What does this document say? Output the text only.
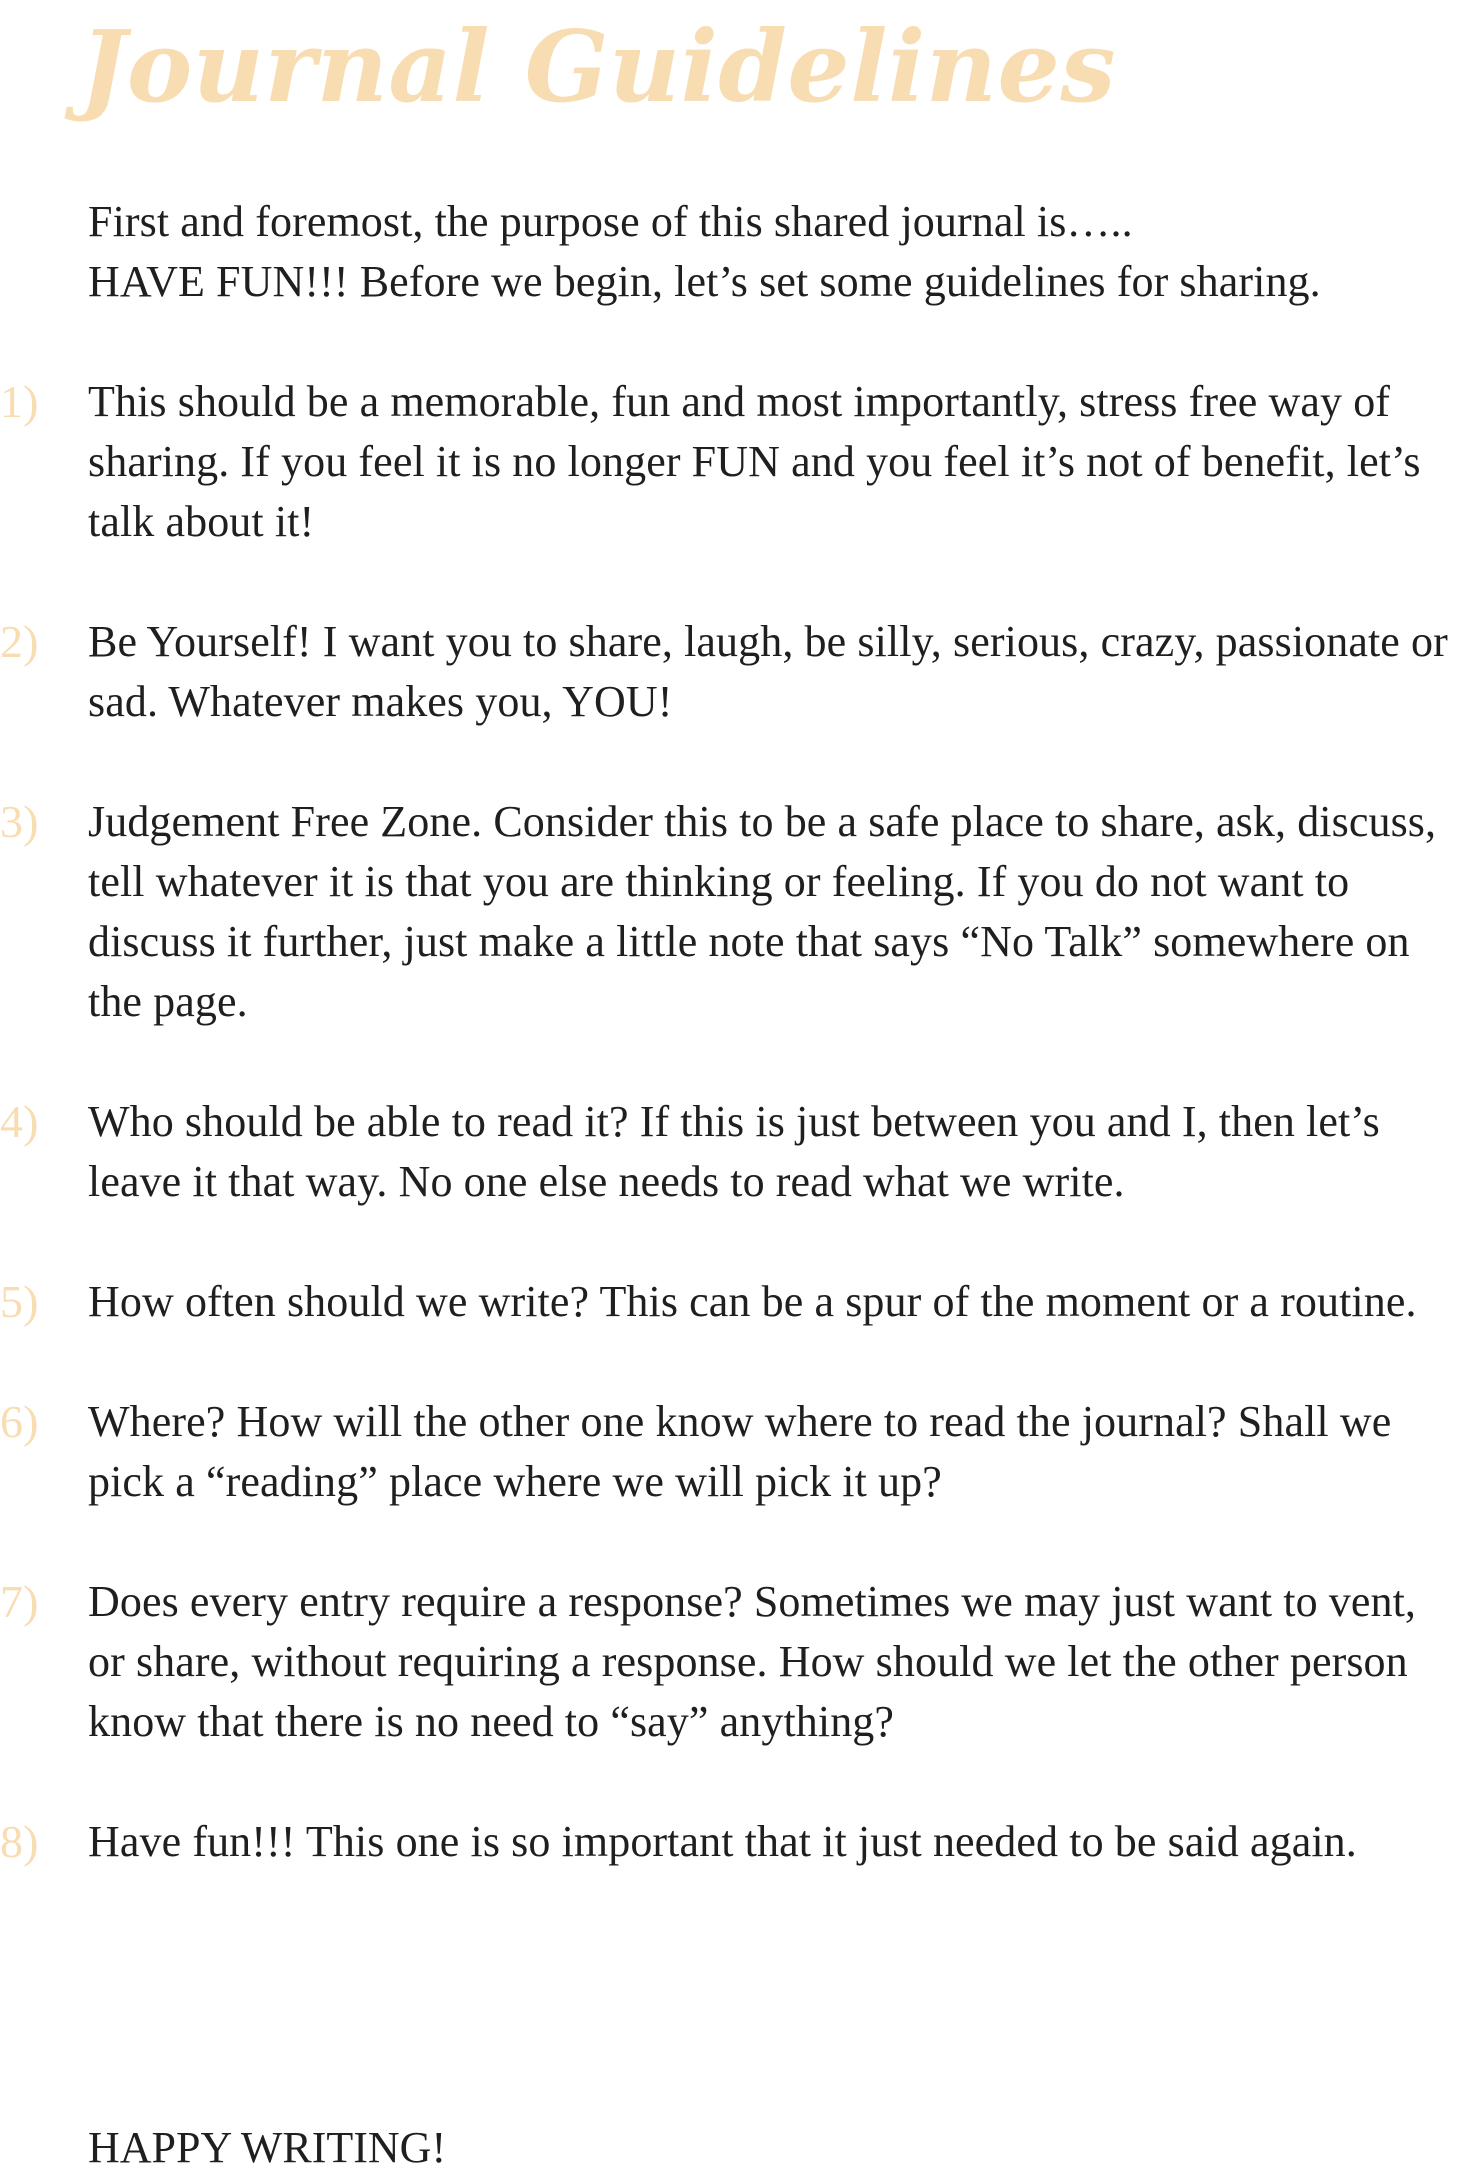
Journal Guidelines

First and foremost, the purpose of this shared journal is…..
HAVE FUN!!! Before we begin, let’s set some guidelines for sharing.

1)	This should be a memorable, fun and most importantly, stress free way of sharing. If you feel it is no longer FUN and you feel it’s not of benefit, let’s talk about it!
2)	Be Yourself! I want you to share, laugh, be silly, serious, crazy, passionate or sad. Whatever makes you, YOU!
3)	Judgement Free Zone. Consider this to be a safe place to share, ask, discuss, tell whatever it is that you are thinking or feeling. If you do not want to discuss it further, just make a little note that says “No Talk” somewhere on the page.
4)	Who should be able to read it? If this is just between you and I, then let’s leave it that way. No one else needs to read what we write.
5)	How often should we write? This can be a spur of the moment or a routine.
6)	Where? How will the other one know where to read the journal? Shall we pick a “reading” place where we will pick it up?
7)	Does every entry require a response? Sometimes we may just want to vent, or share, without requiring a response. How should we let the other person know that there is no need to “say” anything?
8)	Have fun!!! This one is so important that it just needed to be said again.

HAPPY WRITING!
